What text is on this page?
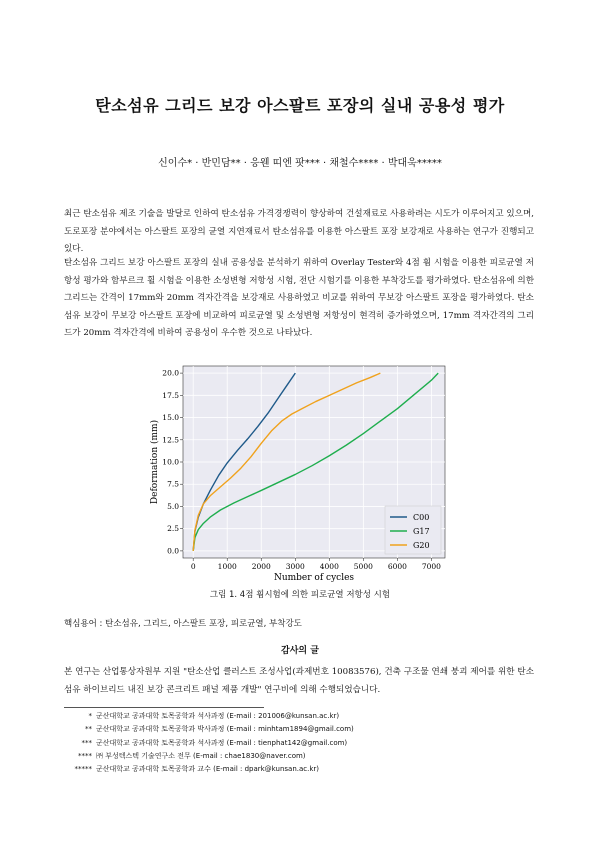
탄소섬유 그리드 보강 아스팔트 포장의 실내 공용성 평가
신이수* · 반민담** · 응웬 띠엔 팟*** · 채철수**** · 박대욱*****

최근 탄소섬유 제조 기술을 발달로 인하여 탄소섬유 가격경쟁력이 향상하여 건설재료로 사용하려는 시도가 이루어지고 있으며, 도로포장 분야에서는 아스팔트 포장의 균열 지연재료서 탄소섬유를 이용한 아스팔트 포장 보강재로 사용하는 연구가 진행되고 있다.

탄소섬유 그리드 보강 아스팔트 포장의 실내 공용성을 분석하기 위하여 Overlay Tester와 4점 휨 시험을 이용한 피로균열 저항성 평가와 함부르크 휠 시험을 이용한 소성변형 저항성 시험, 전단 시험기를 이용한 부착강도를 평가하였다. 탄소섬유에 의한 그리드는 간격이 17mm와 20mm 격자간격을 보강재로 사용하였고 비교를 위하여 무보강 아스팔트 포장을 평가하였다. 탄소섬유 보강이 무보강 아스팔트 포장에 비교하여 피로균열 및 소성변형 저항성이 현격히 증가하였으며, 17mm 격자간격의 그리드가 20mm 격자간격에 비하여 공용성이 우수한 것으로 나타났다.

0	1000 2000 3000 4000 5000 6000 7000
0.0
2.5
5.0
7.5
10.0
12.5
15.0
17.5
20.0
C00
G17
G20
Number of cycles
Deformation (mm)
그림 1. 4점 휨시험에 의한 피로균열 저항성 시험
핵심용어 : 탄소섬유, 그리드, 아스팔트 포장, 피로균열, 부착강도
감사의 글

본 연구는 산업통상자원부 지원 "탄소산업 클러스트 조성사업(과제번호 10083576), 건축 구조물 연쇄 붕괴 제어를 위한 탄소섬유 하이브리드 내진 보강 콘크리트 패널 제품 개발" 연구비에 의해 수행되었습니다.

* 군산대학교 공과대학 토목공학과 석사과정 (E-mail : 201006@kunsan.ac.kr)
** 군산대학교 공과대학 토목공학과 박사과정 (E-mail : minhtam1894@gmail.com)
*** 군산대학교 공과대학 토목공학과 석사과정 (E-mail : tienphat142@gmail.com)
**** ㈜ 부성텍스텍 기술연구소 전무 (E-mail : chae1830@naver.com)
***** 군산대학교 공과대학 토목공학과 교수 (E-mail : dpark@kunsan.ac.kr)
